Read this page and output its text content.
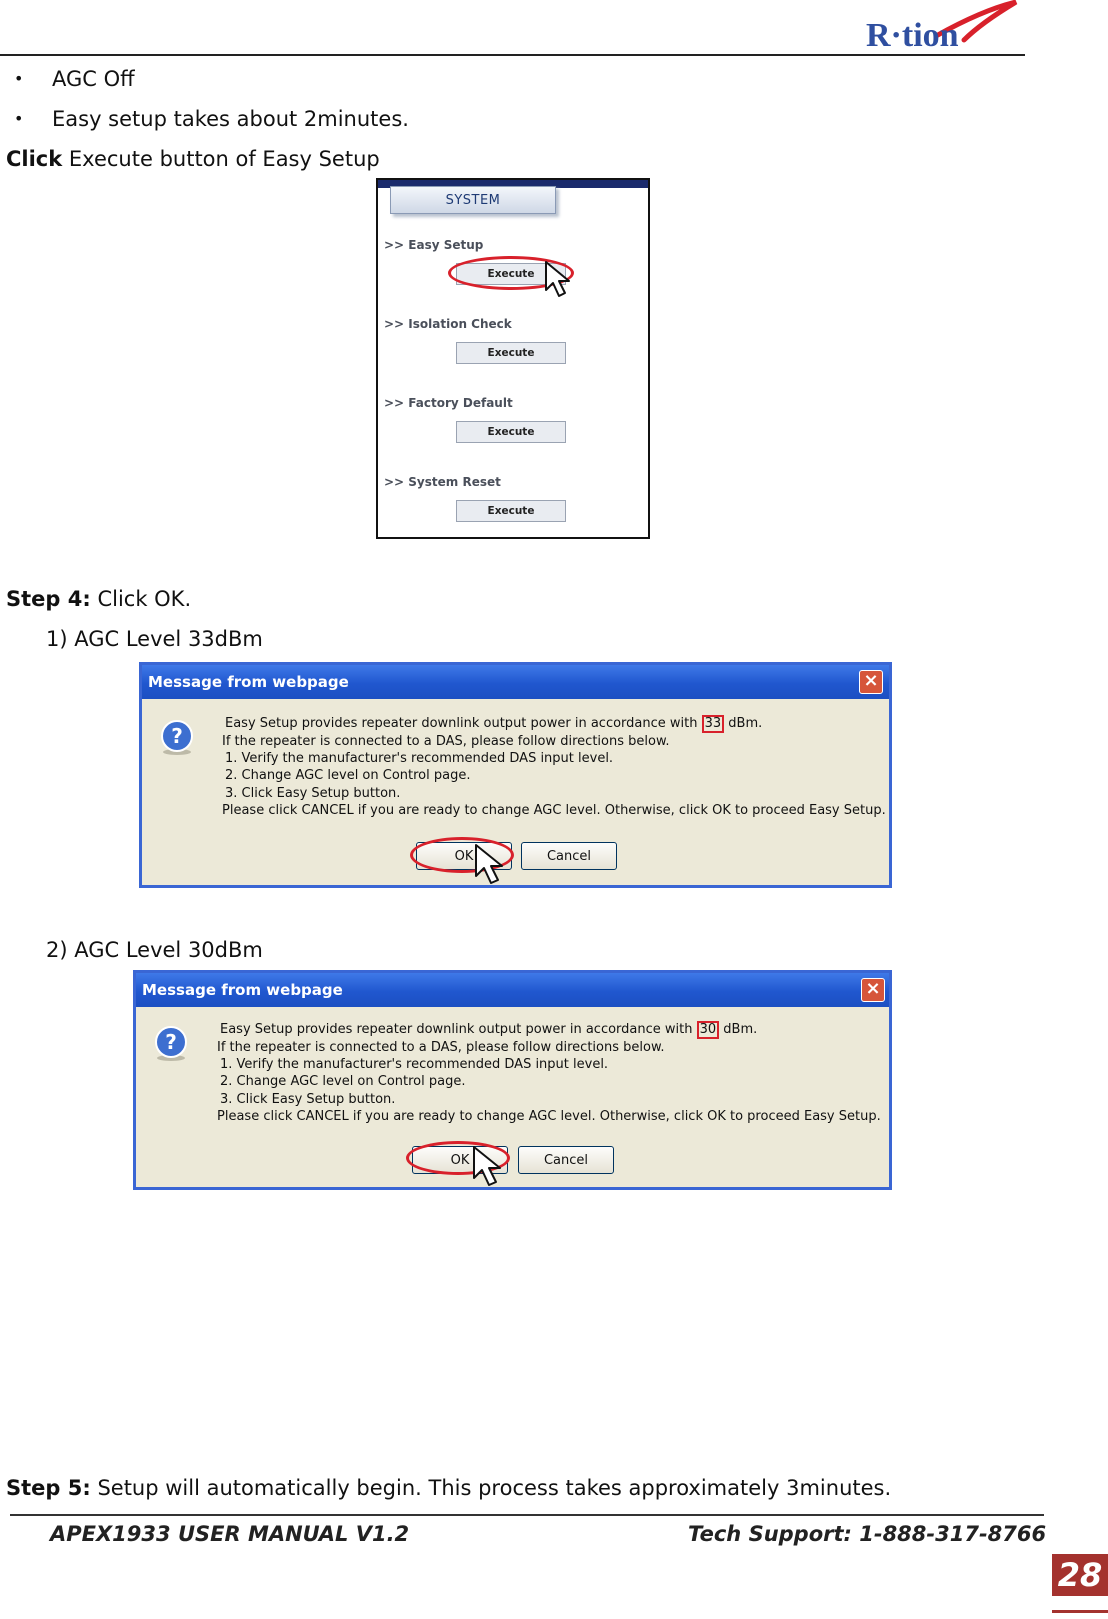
R·tion
• AGC Off
• Easy setup takes about 2minutes.
Click Execute button of Easy Setup
SYSTEM
>> Easy Setup
Execute
>> Isolation Check
Execute
>> Factory Default
Execute
>> System Reset
Execute
Step 4: Click OK.
1) AGC Level 33dBm
Message from webpage	×
?
Easy Setup provides repeater downlink output power in accordance with 33 dBm.
If the repeater is connected to a DAS, please follow directions below.
1. Verify the manufacturer's recommended DAS input level.
2. Change AGC level on Control page.
3. Click Easy Setup button.
Please click CANCEL if you are ready to change AGC level. Otherwise, click OK to proceed Easy Setup.
OK	Cancel
2) AGC Level 30dBm
Message from webpage	×
?
Easy Setup provides repeater downlink output power in accordance with 30 dBm.
If the repeater is connected to a DAS, please follow directions below.
1. Verify the manufacturer's recommended DAS input level.
2. Change AGC level on Control page.
3. Click Easy Setup button.
Please click CANCEL if you are ready to change AGC level. Otherwise, click OK to proceed Easy Setup.
OK	Cancel
Step 5: Setup will automatically begin. This process takes approximately 3minutes.
APEX1933 USER MANUAL V1.2	Tech Support: 1-888-317-8766
28
